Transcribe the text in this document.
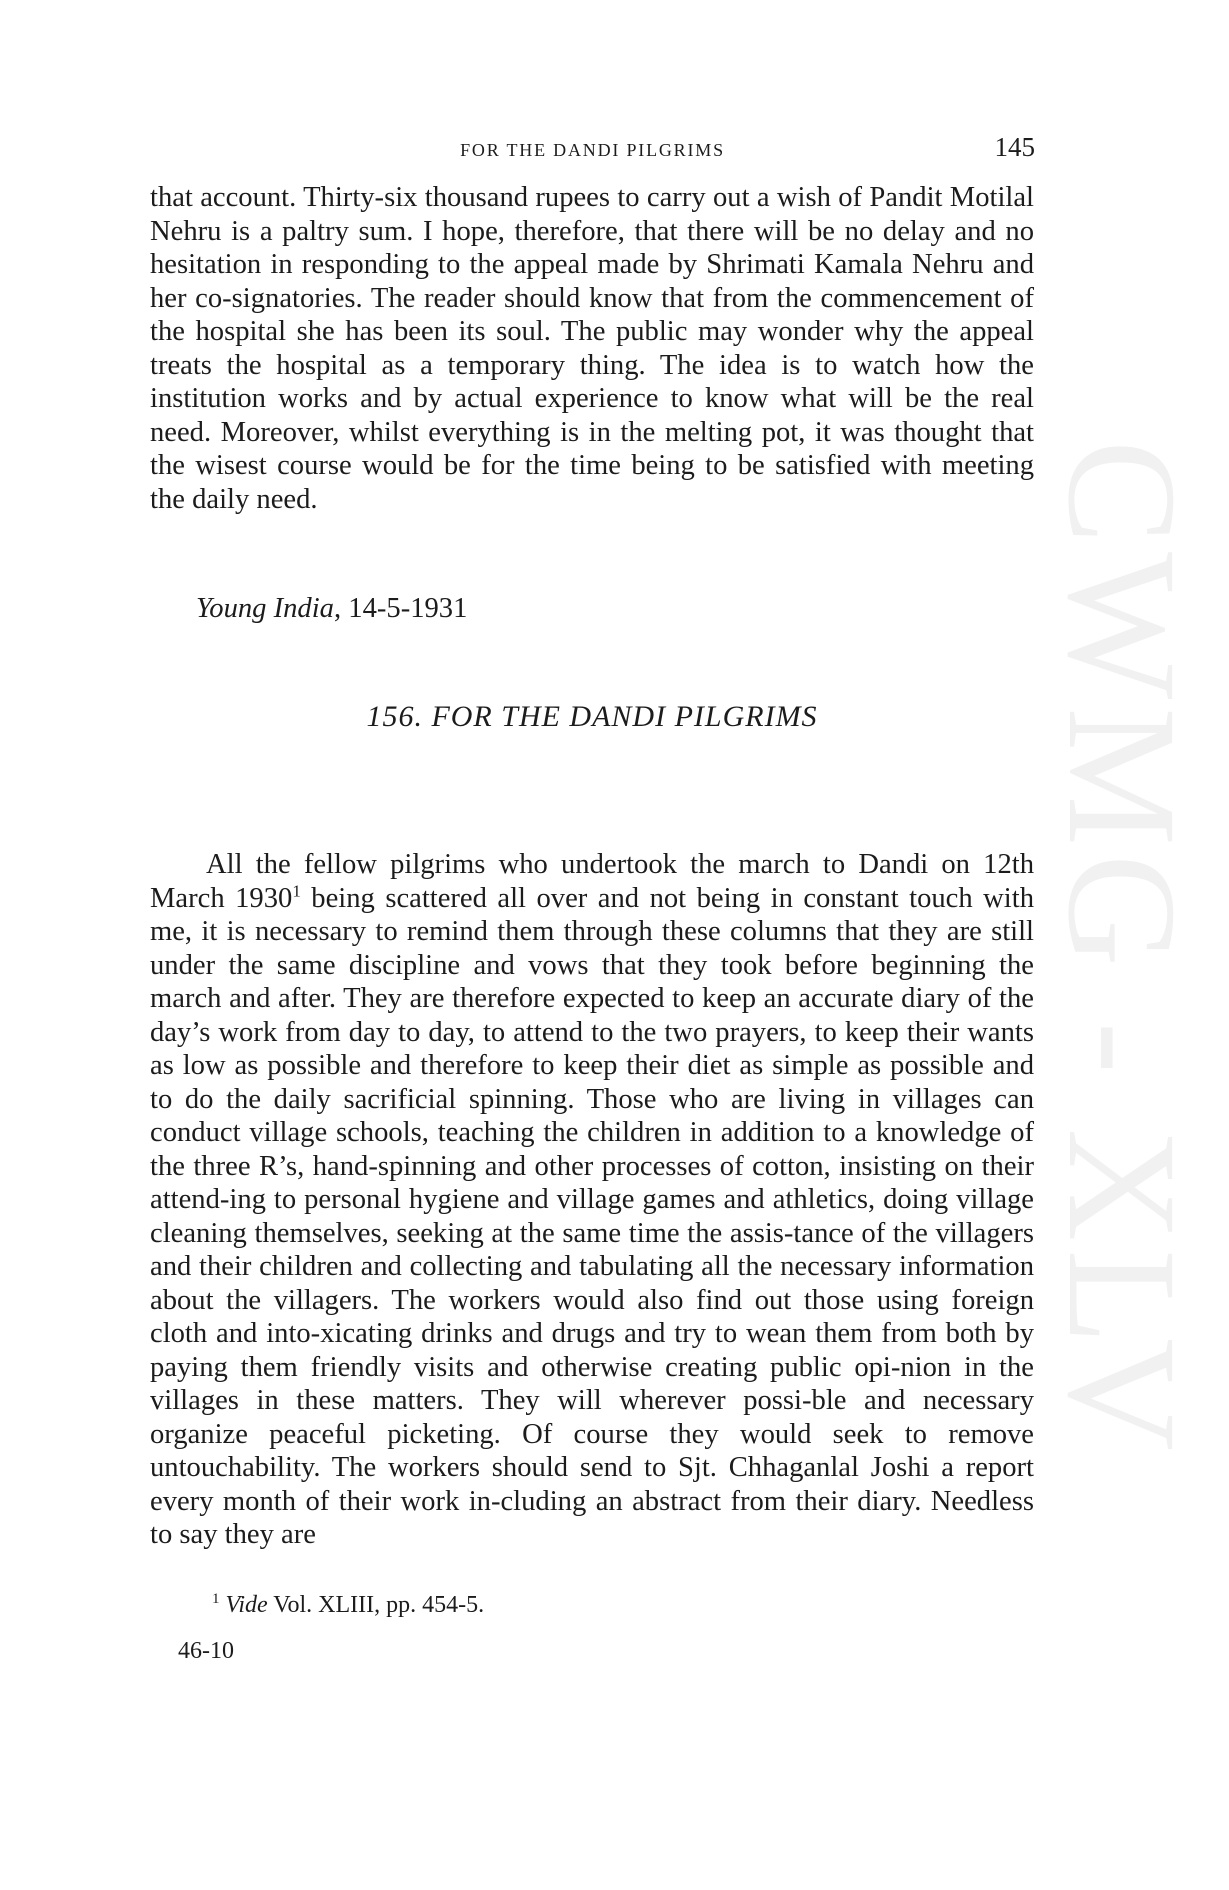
CWMG - XLVI
FOR THE DANDI PILGRIMS	145

that account. Thirty-six thousand rupees to carry out a wish of Pandit Motilal Nehru is a paltry sum. I hope, therefore, that there will be no delay and no hesitation in responding to the appeal made by Shrimati Kamala Nehru and her co-signatories. The reader should know that from the commencement of the hospital she has been its soul. The public may wonder why the appeal treats the hospital as a temporary thing. The idea is to watch how the institution works and by actual experience to know what will be the real need. Moreover, whilst everything is in the melting pot, it was thought that the wisest course would be for the time being to be satisfied with meeting the daily need.

Young India, 14-5-1931

156. FOR THE DANDI PILGRIMS

All the fellow pilgrims who undertook the march to Dandi on 12th March 1930$^1$ being scattered all over and not being in constant touch with me, it is necessary to remind them through these columns that they are still under the same discipline and vows that they took before beginning the march and after. They are therefore expected to keep an accurate diary of the day’s work from day to day, to attend to the two prayers, to keep their wants as low as possible and therefore to keep their diet as simple as possible and to do the daily sacrificial spinning. Those who are living in villages can conduct village schools, teaching the children in addition to a knowledge of the three R’s, hand-spinning and other processes of cotton, insisting on their attend-ing to personal hygiene and village games and athletics, doing village cleaning themselves, seeking at the same time the assis-tance of the villagers and their children and collecting and tabulating all the necessary information about the villagers. The workers would also find out those using foreign cloth and into-xicating drinks and drugs and try to wean them from both by paying them friendly visits and otherwise creating public opi-nion in the villages in these matters. They will wherever possi-ble and necessary organize peaceful picketing. Of course they would seek to remove untouchability. The workers should send to Sjt. Chhaganlal Joshi a report every month of their work in-cluding an abstract from their diary. Needless to say they are

$^1$ Vide Vol. XLIII, pp. 454-5.

46-10
